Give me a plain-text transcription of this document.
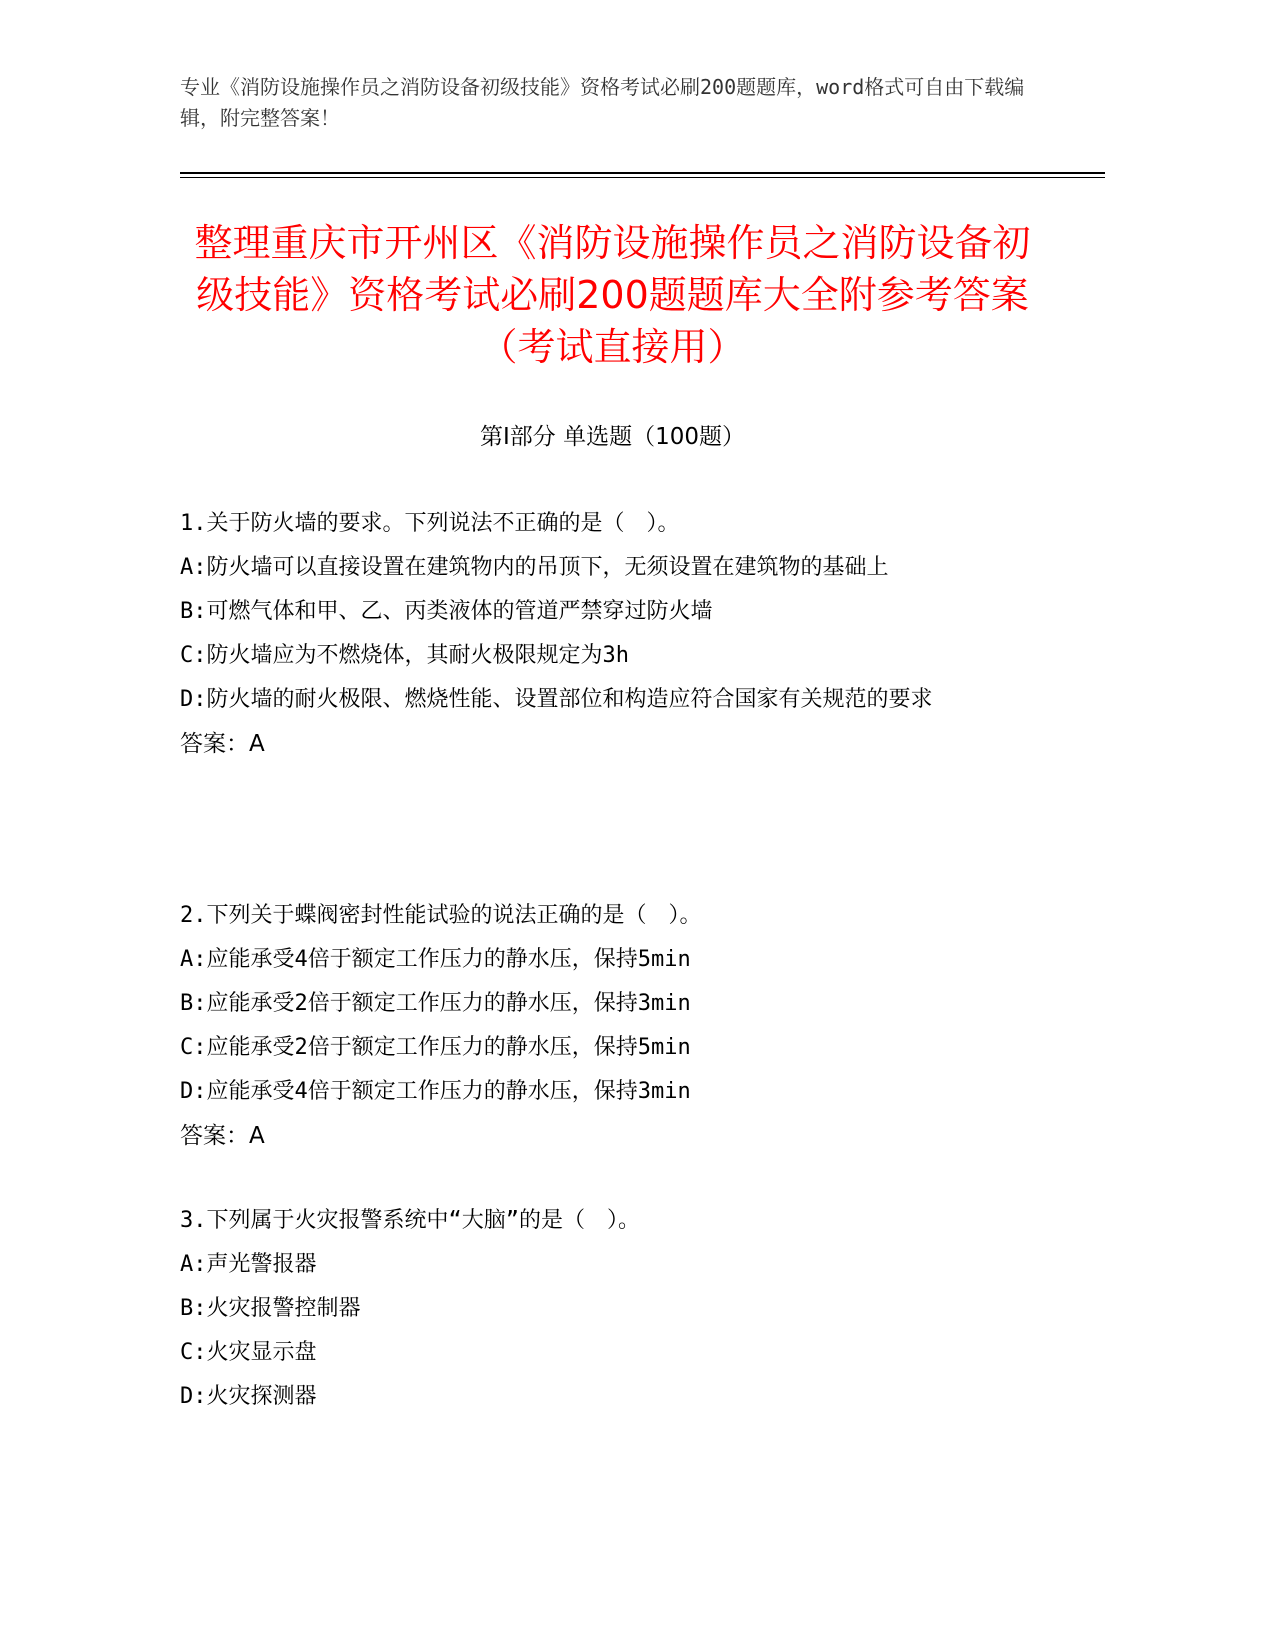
专业《消防设施操作员之消防设备初级技能》资格考试必刷200题题库，word格式可自由下载编辑，附完整答案！
整理重庆市开州区《消防设施操作员之消防设备初级技能》资格考试必刷200题题库大全附参考答案（考试直接用）
第Ⅰ部分 单选题（100题）
1.关于防火墙的要求。下列说法不正确的是（　）。
A:防火墙可以直接设置在建筑物内的吊顶下，无须设置在建筑物的基础上
B:可燃气体和甲、乙、丙类液体的管道严禁穿过防火墙
C:防火墙应为不燃烧体，其耐火极限规定为3h
D:防火墙的耐火极限、燃烧性能、设置部位和构造应符合国家有关规范的要求
答案：A
2.下列关于蝶阀密封性能试验的说法正确的是（　）。
A:应能承受4倍于额定工作压力的静水压，保持5min
B:应能承受2倍于额定工作压力的静水压，保持3min
C:应能承受2倍于额定工作压力的静水压，保持5min
D:应能承受4倍于额定工作压力的静水压，保持3min
答案：A
3.下列属于火灾报警系统中“大脑”的是（　）。
A:声光警报器
B:火灾报警控制器
C:火灾显示盘
D:火灾探测器
